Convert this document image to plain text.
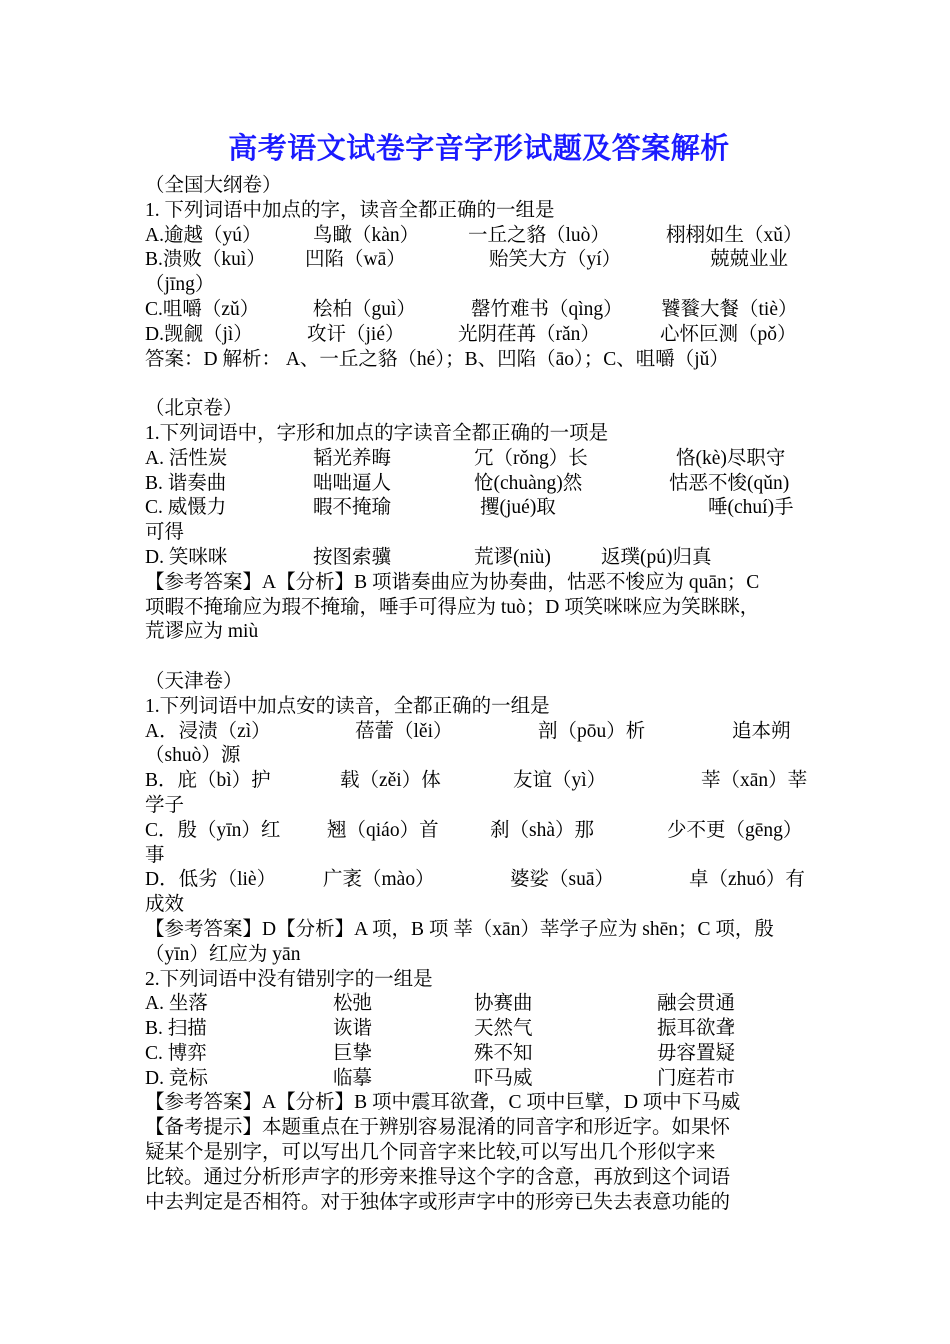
高考语文试卷字音字形试题及答案解析
（全国大纲卷）
1. 下列词语中加点的字，读音全都正确的一组是
A.逾越（yú）	鸟瞰（kàn）	一丘之貉（luò）	栩栩如生（xǔ）
B.溃败（kuì） 凹陷（wā）	贻笑大方（yí）	兢兢业业
（jīng）
C.咀嚼（zǔ）	桧柏（guì）	罄竹难书（qìng） 饕餮大餐（tiè）
D.觊觎（jì）	攻讦（jié）	光阴荏苒（rǎn）	心怀叵测（pǒ）
答案：D 解析： A、一丘之貉（hé）；B、凹陷（āo）；C、咀嚼（jǔ）
（北京卷）
1.下列词语中，字形和加点的字读音全都正确的一项是
A. 活性炭	韬光养晦	冗（rǒng）长	恪(kè)尽职守
B. 谐奏曲	咄咄逼人	怆(chuàng)然	怙恶不悛(qǔn)
C. 威慑力	暇不掩瑜	攫(jué)取	唾(chuí)手
可得
D. 笑咪咪	按图索骥	荒谬(niù)	返璞(pú)归真
【参考答案】A【分析】B 项谐奏曲应为协奏曲，怙恶不悛应为 quān；C
项暇不掩瑜应为瑕不掩瑜，唾手可得应为 tuò；D 项笑咪咪应为笑眯眯，
荒谬应为 miù
（天津卷）
1.下列词语中加点安的读音，全都正确的一组是
A．浸渍（zì）	蓓蕾（lěi）	剖（pōu）析	追本朔
（shuò）源
B．庇（bì）护	载（zěi）体	友谊（yì）	莘（xān）莘
学子
C．殷（yīn）红 翘（qiáo）首	刹（shà）那	少不更（gēng）
事
D．低劣（liè） 广袤（mào）	婆娑（suā）	卓（zhuó）有
成效
【参考答案】D【分析】A 项，B 项 莘（xān）莘学子应为 shēn；C 项，殷
（yīn）红应为 yān
2.下列词语中没有错别字的一组是
A. 坐落	松弛	协赛曲	融会贯通
B. 扫描	诙谐	天然气	振耳欲聋
C. 博弈	巨挚	殊不知	毋容置疑
D. 竞标	临摹	吓马威	门庭若市
【参考答案】A【分析】B 项中震耳欲聋，C 项中巨擘，D 项中下马威
【备考提示】本题重点在于辨别容易混淆的同音字和形近字。如果怀
疑某个是别字，可以写出几个同音字来比较,可以写出几个形似字来
比较。通过分析形声字的形旁来推导这个字的含意，再放到这个词语
中去判定是否相符。对于独体字或形声字中的形旁已失去表意功能的
